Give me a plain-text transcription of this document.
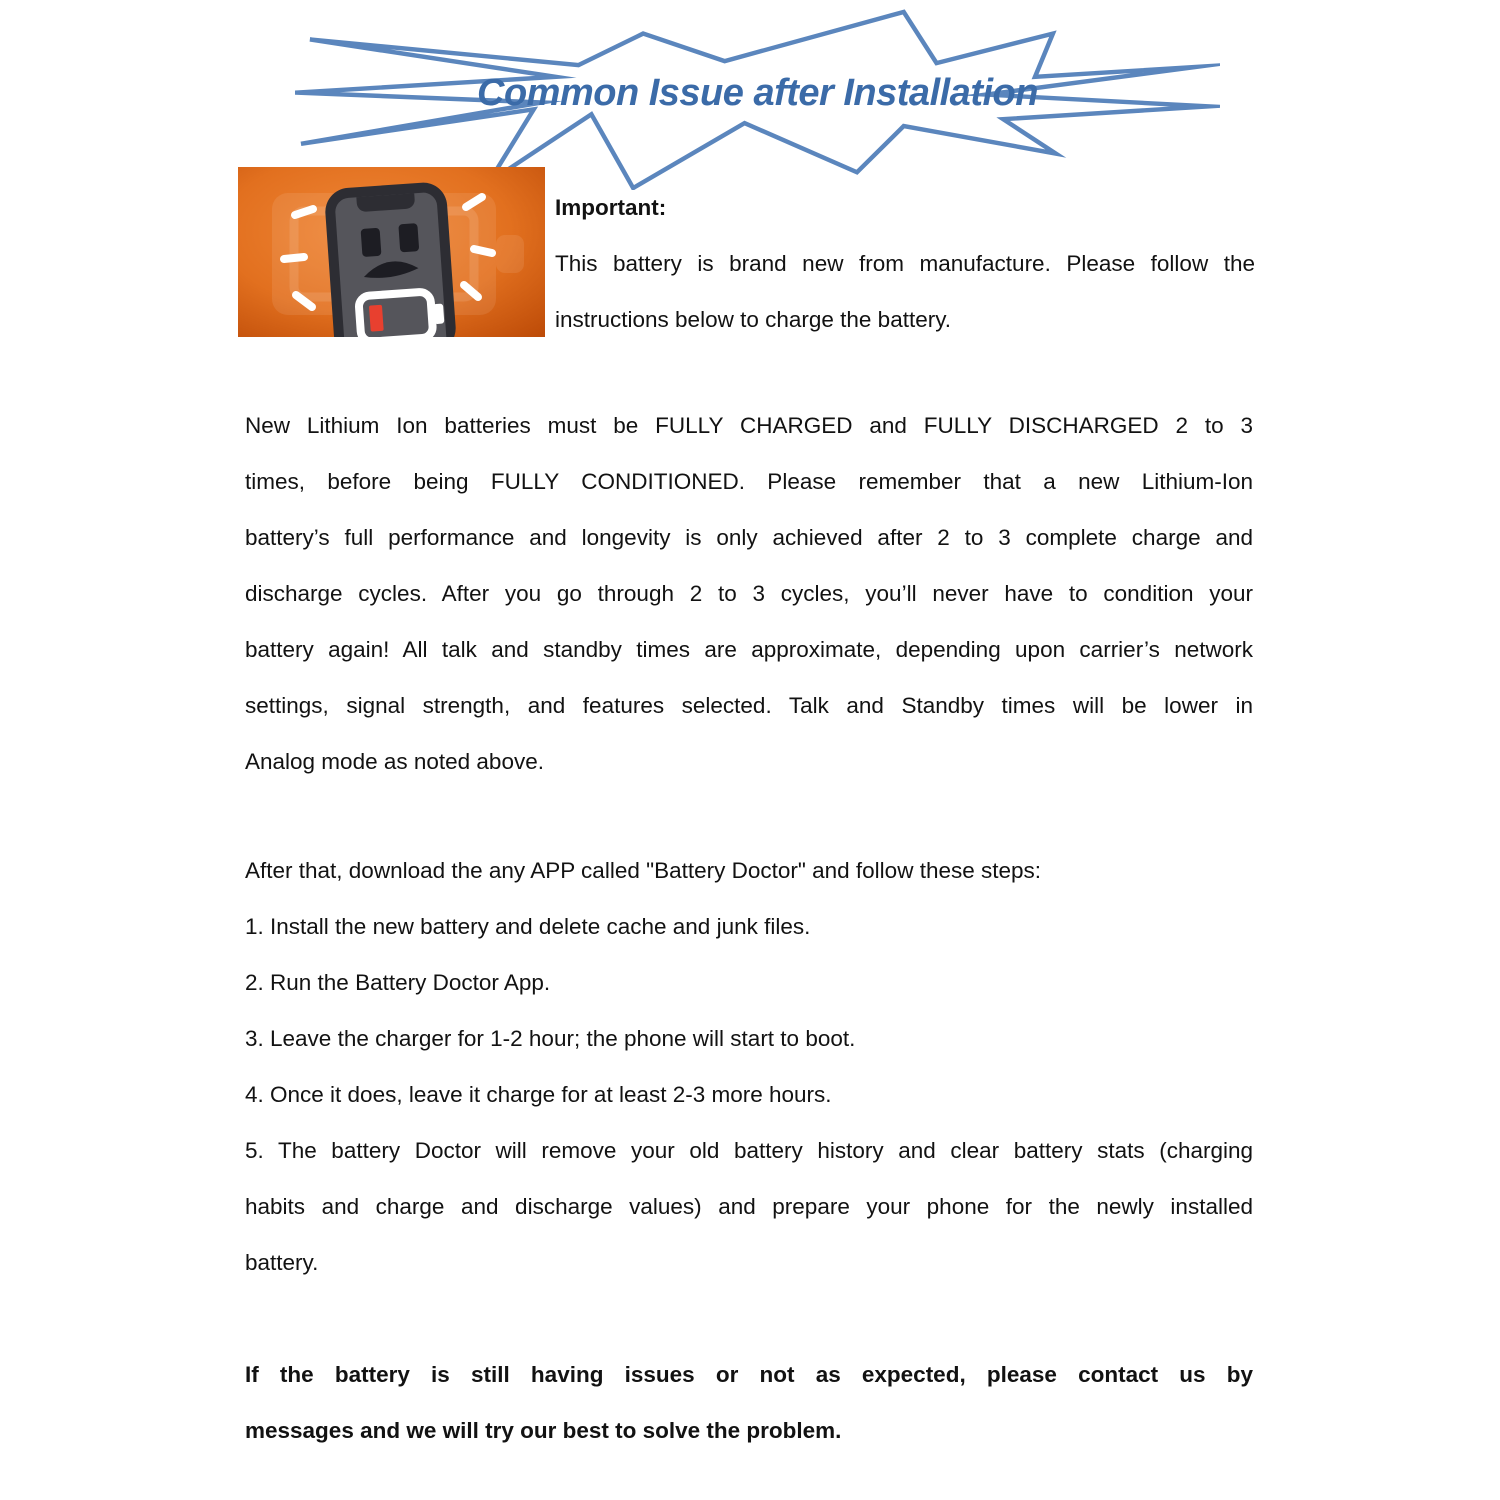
Common Issue after Installation
Important:
This battery is brand new from manufacture. Please follow the
instructions below to charge the battery.
New Lithium Ion batteries must be FULLY CHARGED and FULLY DISCHARGED 2 to 3
times, before being FULLY CONDITIONED. Please remember that a new Lithium-Ion
battery’s full performance and longevity is only achieved after 2 to 3 complete charge and
discharge cycles. After you go through 2 to 3 cycles, you’ll never have to condition your
battery again! All talk and standby times are approximate, depending upon carrier’s network
settings, signal strength, and features selected. Talk and Standby times will be lower in
Analog mode as noted above.
After that, download the any APP called "Battery Doctor" and follow these steps:
1. Install the new battery and delete cache and junk files.
2. Run the Battery Doctor App.
3. Leave the charger for 1-2 hour; the phone will start to boot.
4. Once it does, leave it charge for at least 2-3 more hours.
5. The battery Doctor will remove your old battery history and clear battery stats (charging
habits and charge and discharge values) and prepare your phone for the newly installed
battery.
If the battery is still having issues or not as expected, please contact us by
messages and we will try our best to solve the problem.
